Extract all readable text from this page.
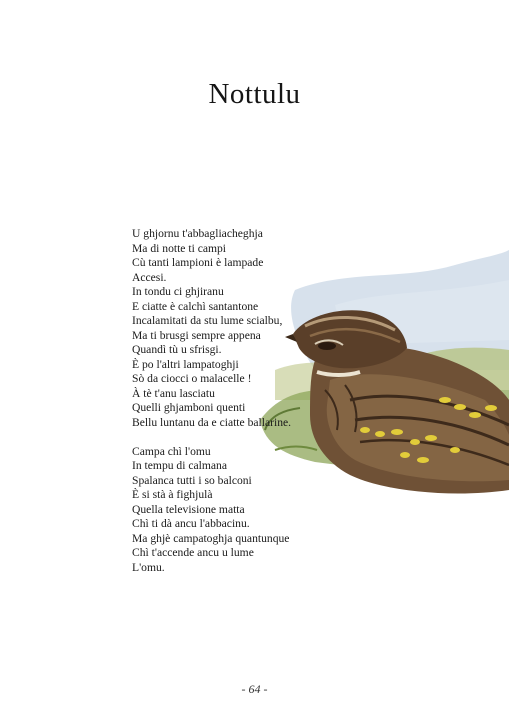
Nottulu
U ghjornu t'abbagliacheghja
Ma di notte ti campi
Cù tanti lampioni è lampade
Accesi.
In tondu ci ghjiranu
E ciatte è calchì santantone
Incalamitati da stu lume scialbu,
Ma ti brusgi sempre appena
Quandì tù u sfrisgi.
È po l'altri lampatoghji
Sò da ciocci o malacelle !
À tè t'anu lasciatu
Quelli ghjamboni quenti
Bellu luntanu da e ciatte ballarine.
Campa chì l'omu
In tempu di calmana
Spalanca tutti i so balconi
È si stà à fighjulà
Quella televisione matta
Chì ti dà ancu l'abbacinu.
Ma ghjè campatoghja quantunque
Chì t'accende ancu u lume
L'omu.
- 64 -
